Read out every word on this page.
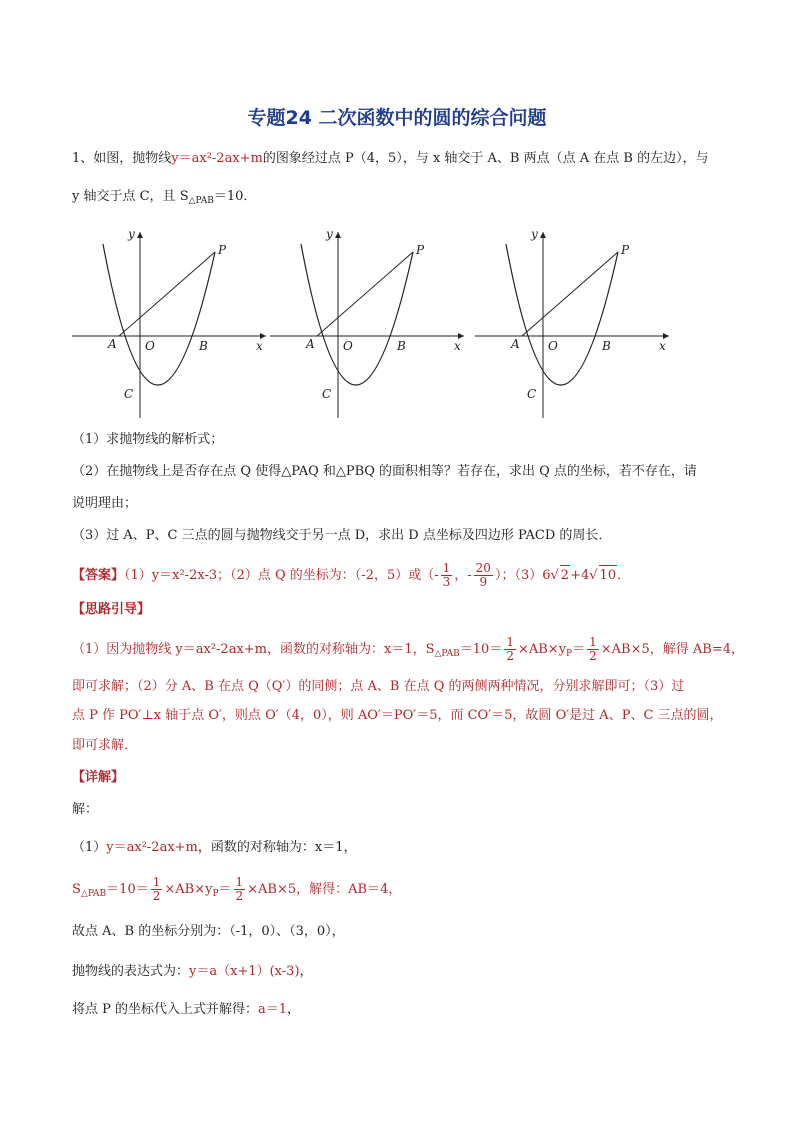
专题24 二次函数中的圆的综合问题
1、如图，抛物线y＝ax²-2ax+m的图象经过点 P（4，5），与 x 轴交于 A、B 两点（点 A 在点 B 的左边），与
y 轴交于点 C，且 $S_{\triangle PAB}=10$．
y
x
P
A O	B
C
y
x
P
A O	B
C
y
x
P
A O	B
C
（1）求抛物线的解析式；
（2）在抛物线上是否存在点 Q 使得△PAQ 和△PBQ 的面积相等？若存在，求出 Q 点的坐标，若不存在，请
说明理由；
（3）过 A、P、C 三点的圆与抛物线交于另一点 D，求出 D 点坐标及四边形 PACD 的周长．
【答案】（1）y＝x²-2x-3；（2）点 Q 的坐标为：（-2，5）或（- $\frac{1}{3}$ ，- $\frac{20}{9}$ ）；（3）6√ 2+4√ 10．
【思路引导】
（1）因为抛物线 y＝ax²-2ax+m，函数的对称轴为：x＝1，$S_{\triangle PAB}=10= \frac{1}{2} \times AB\times y_P= \frac{1}{2} \times AB\times 5$，解得 AB=4，
即可求解；（2）分 A、B 在点 Q（Q′）的同侧；点 A、B 在点 Q 的两侧两种情况，分别求解即可；（3）过
点 P 作 PO′⊥x 轴于点 O′，则点 O′（4，0），则 AO′＝PO′＝5，而 CO′＝5，故圆 O′是过 A、P、C 三点的圆，
即可求解．
【详解】
解：
（1）y＝ax²-2ax+m，函数的对称轴为：x＝1，
$S_{\triangle PAB}=10= \frac{1}{2} \times AB\times y_P= \frac{1}{2} \times AB\times 5$，解得：AB＝4，
故点 A、B 的坐标分别为：（-1，0）、（3，0），
抛物线的表达式为：y＝a（x+1）(x-3)，
将点 P 的坐标代入上式并解得：a＝1，
